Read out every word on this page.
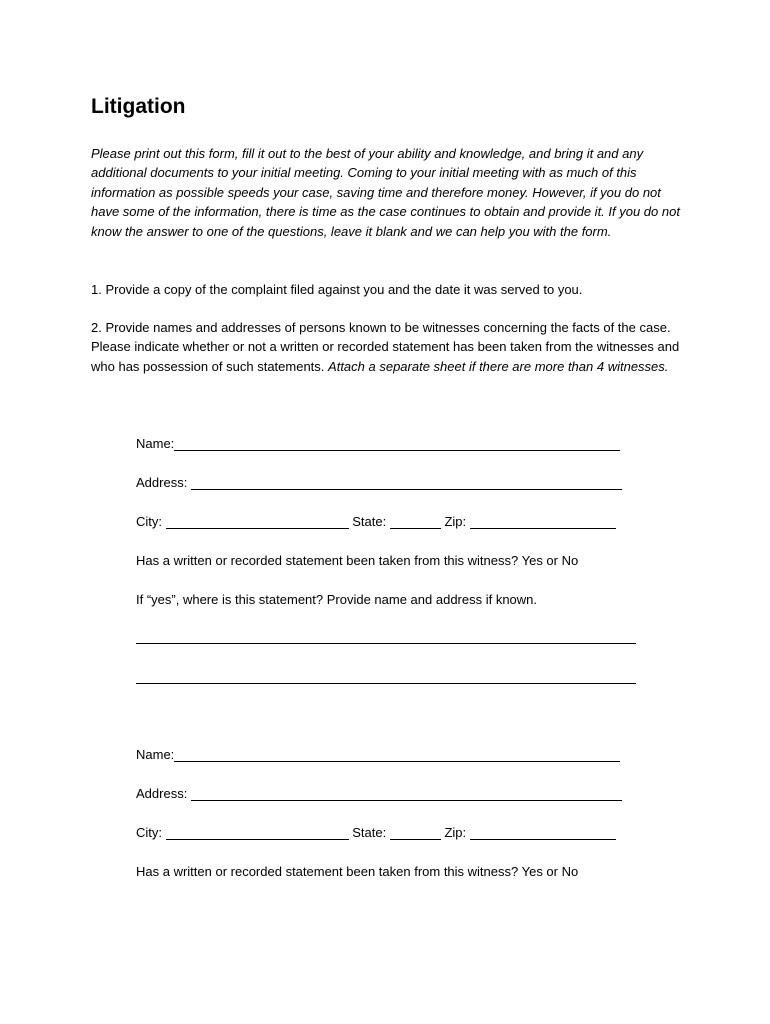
Litigation

Please print out this form, fill it out to the best of your ability and knowledge, and bring it and any additional documents to your initial meeting. Coming to your initial meeting with as much of this information as possible speeds your case, saving time and therefore money. However, if you do not have some of the information, there is time as the case continues to obtain and provide it. If you do not know the answer to one of the questions, leave it blank and we can help you with the form.

1. Provide a copy of the complaint filed against you and the date it was served to you.

2. Provide names and addresses of persons known to be witnesses concerning the facts of the case. Please indicate whether or not a written or recorded statement has been taken from the witnesses and who has possession of such statements. Attach a separate sheet if there are more than 4 witnesses.

Name:
Address:
City:	State:	Zip:
Has a written or recorded statement been taken from this witness? Yes or No
If “yes”, where is this statement? Provide name and address if known.
Name:
Address:
City:	State:	Zip:
Has a written or recorded statement been taken from this witness? Yes or No
